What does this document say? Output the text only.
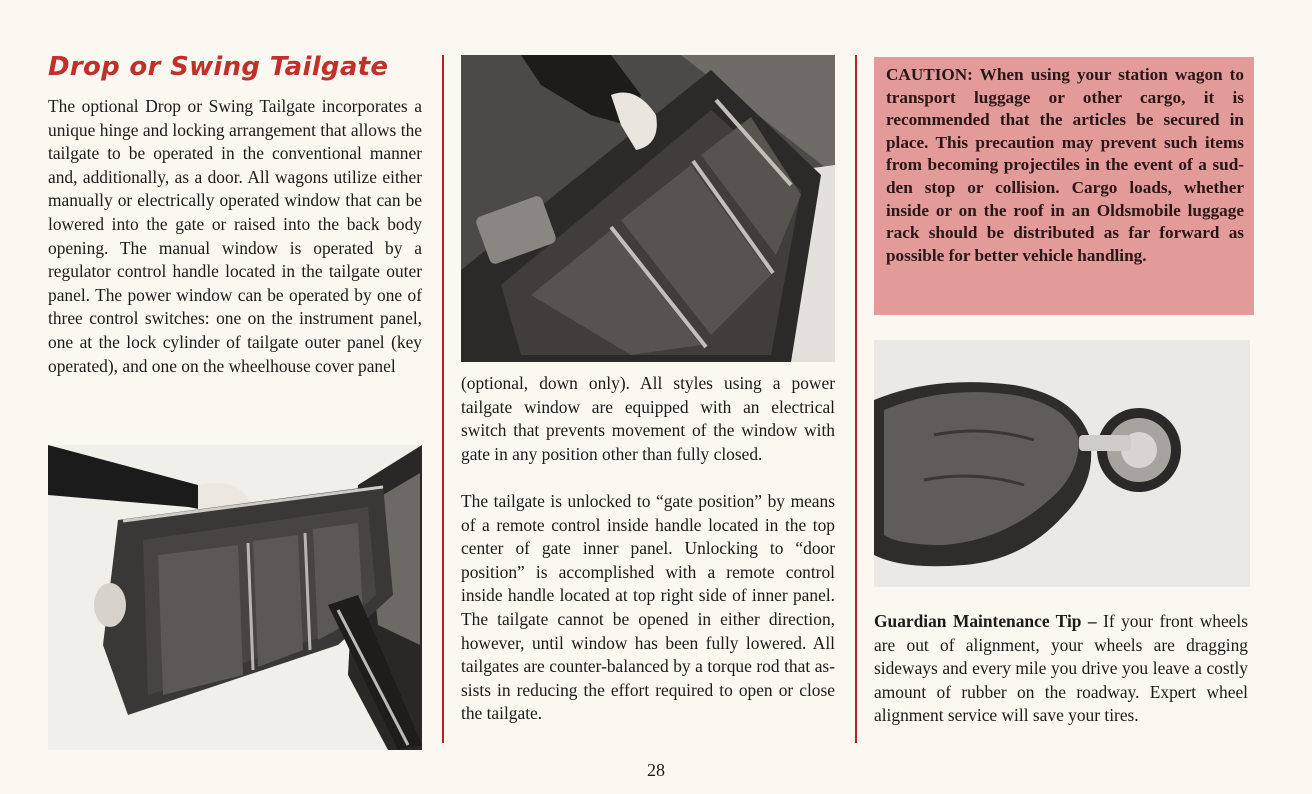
Drop or Swing Tailgate

The optional Drop or Swing Tailgate incorporates a unique hinge and locking arrangement that allows the tailgate to be operated in the conventional manner and, additionally, as a door. All wagons utilize either manually or electrically operated window that can be lowered into the gate or raised into the back body opening. The manual window is operated by a regulator control handle located in the tailgate outer panel. The power window can be operated by one of three control switches: one on the instrument panel, one at the lock cylinder of tailgate outer panel (key operated), and one on the wheelhouse cover panel

(optional, down only). All styles using a power tailgate window are equipped with an electrical switch that prevents movement of the window with gate in any position other than fully closed.

The tailgate is unlocked to “gate position” by means of a remote control inside handle located in the top center of gate inner panel. Unlocking to “door position” is accomplished with a remote control inside handle located at top right side of inner panel. The tailgate cannot be opened in either direction, however, until window has been fully lowered. All tailgates are counter-balanced by a torque rod that assists in reducing the effort required to open or close the tailgate.

CAUTION: When using your station wagon to transport luggage or other cargo, it is recommended that the articles be secured in place. This precaution may prevent such items from becoming projectiles in the event of a sudden stop or collision. Cargo loads, whether inside or on the roof in an Oldsmobile luggage rack should be distributed as far forward as possible for better vehicle handling.

Guardian Maintenance Tip – If your front wheels are out of alignment, your wheels are dragging sideways and every mile you drive you leave a costly amount of rubber on the roadway. Expert wheel alignment service will save your tires.

28
